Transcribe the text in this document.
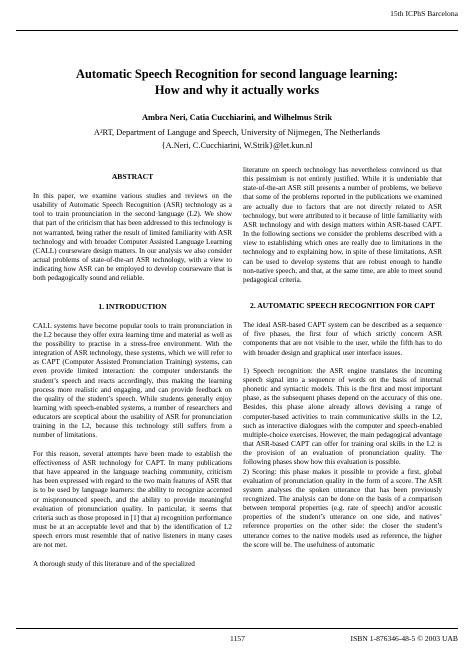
15th ICPhS Barcelona
Automatic Speech Recognition for second language learning:
How and why it actually works
Ambra Neri, Catia Cucchiarini, and Wilhelmus Strik
A²RT, Department of Languge and Speech, University of Nijmegen, The Netherlands
{A.Neri, C.Cucchiarini, W.Strik}@let.kun.nl
ABSTRACT

In this paper, we examine various studies and reviews on the usability of Automatic Speech Recognition (ASR) technology as a tool to train pronunciation in the second language (L2). We show that part of the criticism that has been addressed to this technology is not warranted, being rather the result of limited familiarity with ASR technology and with broader Computer Assisted Language Learning (CALL) courseware design matters. In our analysis we also consider actual problems of state-of-the-art ASR technology, with a view to indicating how ASR can be employed to develop courseware that is both pedagogically sound and reliable.

1. INTRODUCTION

CALL systems have become popular tools to train pronunciation in the L2 because they offer extra learning time and material as well as the possibility to practise in a stress-free environment. With the integration of ASR technology, these systems, which we will refer to as CAPT (Computer Assisted Pronunciation Training) systems, can even provide limited interaction: the computer understands the student’s speech and reacts accordingly, thus making the learning process more realistic and engaging, and can provide feedback on the quality of the student’s speech. While students generally enjoy learning with speech-enabled systems, a number of researchers and educators are sceptical about the usability of ASR for pronunciation training in the L2, because this technology still suffers from a number of limitations.

For this reason, several attempts have been made to establish the effectiveness of ASR technology for CAPT. In many publications that have appeared in the language teaching community, criticism has been expressed with regard to the two main features of ASR that is to be used by language learners: the ability to recognize accented or mispronounced speech, and the ability to provide meaningful evaluation of pronunciation quality. In particular, it seems that criteria such as those proposed in [1] that a) recognition performance must be at an acceptable level and that b) the identification of L2 speech errors must resemble that of native listeners in many cases are not met.

A thorough study of this literature and of the specialized

literature on speech technology has nevertheless convinced us that this pessimism is not entirely justified. While it is undeniable that state-of-the-art ASR still presents a number of problems, we believe that some of the problems reported in the publications we examined are actually due to factors that are not directly related to ASR technology, but were attributed to it because of little familiarity with ASR technology and with design matters within ASR-based CAPT. In the following sections we consider the problems described with a view to establishing which ones are really due to limitations in the technology and to explaining how, in spite of these limitations, ASR can be used to develop systems that are robust enough to handle non-native speech, and that, at the same time, are able to meet sound pedagogical criteria.

2. AUTOMATIC SPEECH RECOGNITION FOR CAPT

The ideal ASR-based CAPT system can be described as a sequence of five phases, the first four of which strictly concern ASR components that are not visible to the user, while the fifth has to do with broader design and graphical user interface issues.

1) Speech recognition: the ASR engine translates the incoming speech signal into a sequence of words on the basis of internal phonetic and syntactic models. This is the first and most important phase, as the subsequent phases depend on the accuracy of this one. Besides, this phase alone already allows devising a range of computer-based activities to train communicative skills in the L2, such as interactive dialogues with the computer and speech-enabled multiple-choice exercises. However, the main pedagogical advantage that ASR-based CAPT can offer for training oral skills in the L2 is the provision of an evaluation of pronunciation quality. The following phases show how this evaluation is possible.

2) Scoring: this phase makes it possible to provide a first, global evaluation of pronunciation quality in the form of a score. The ASR system analyses the spoken utterance that has been previously recognized. The analysis can be done on the basis of a comparison between temporal properties (e.g. rate of speech) and/or acoustic properties of the student’s utterance on one side, and natives’ reference properties on the other side: the closer the student’s utterance comes to the native models used as reference, the higher the score will be. The usefulness of automatic

1157	ISBN 1-876346-48-5 © 2003 UAB
